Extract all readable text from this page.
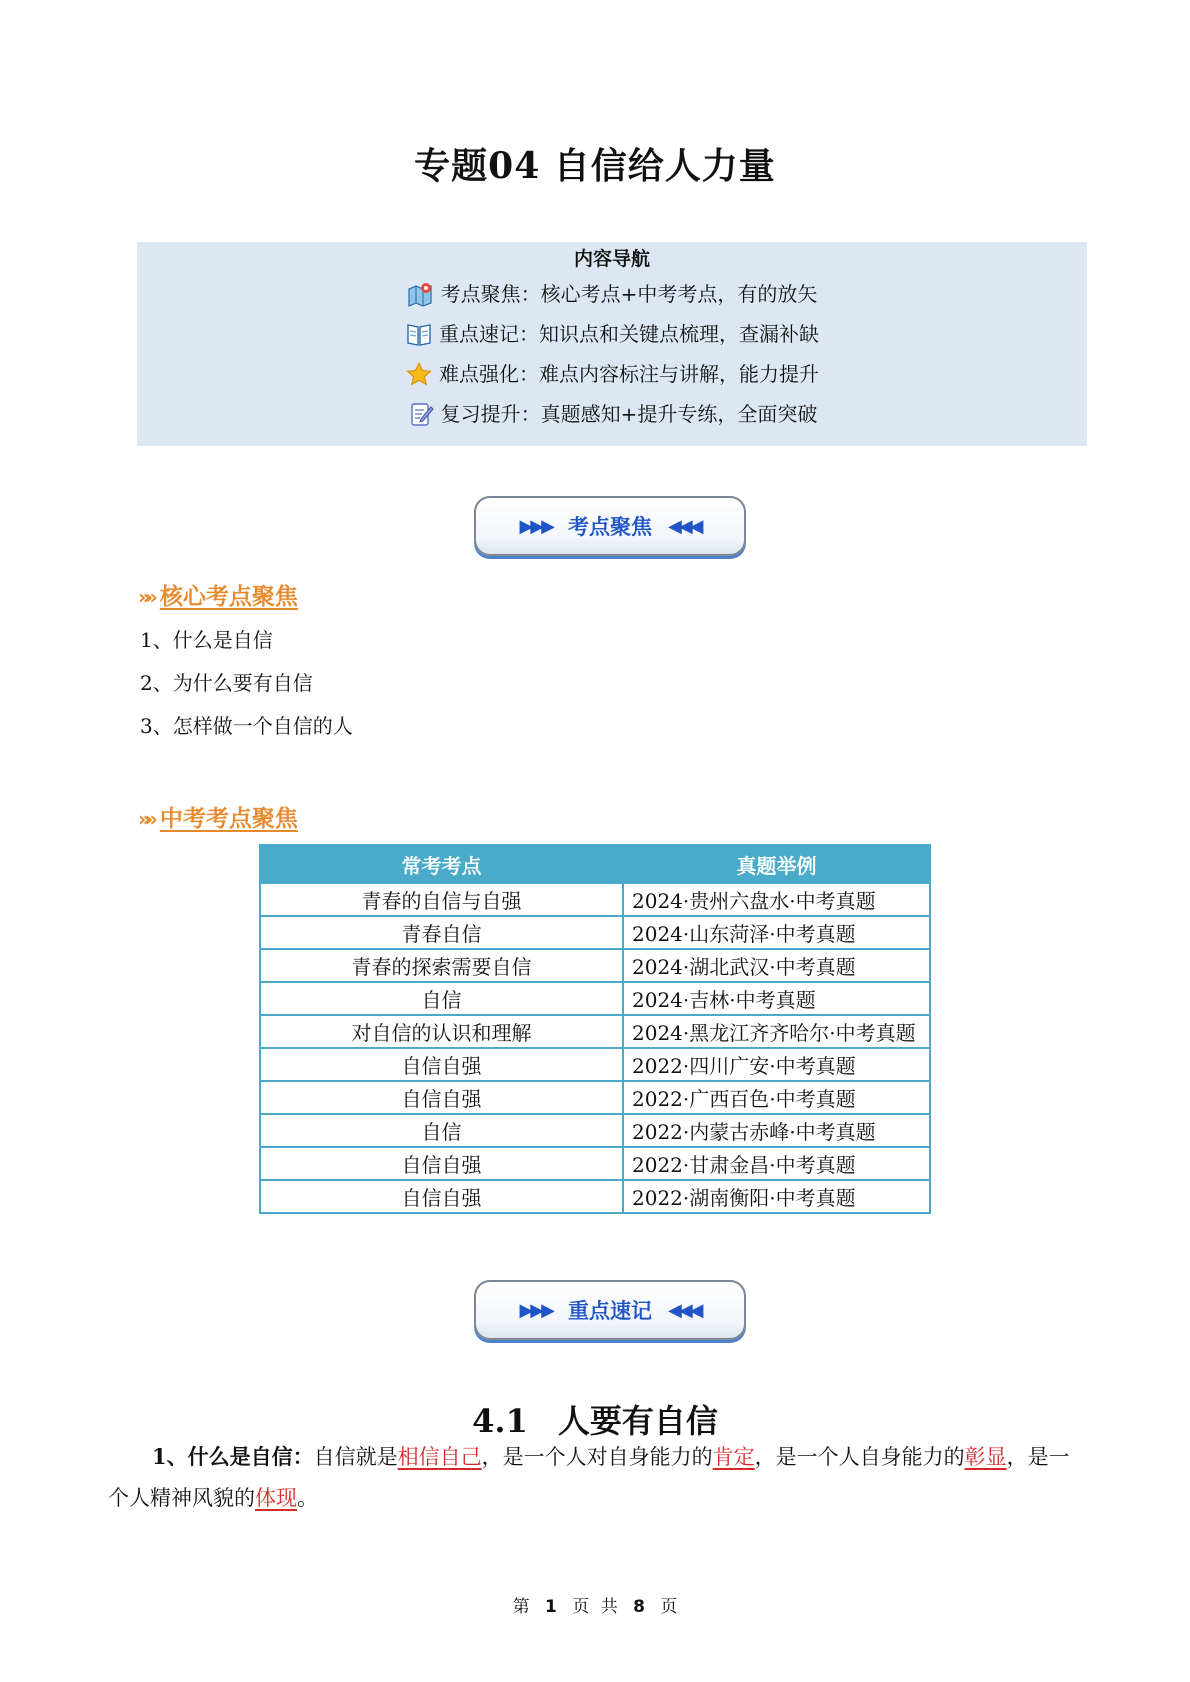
专题04 自信给人力量
内容导航
考点聚焦：核心考点+中考考点，有的放矢
重点速记：知识点和关键点梳理，查漏补缺
难点强化：难点内容标注与讲解，能力提升
复习提升：真题感知+提升专练，全面突破
▶▶▶ 考点聚焦 ◀◀◀
»» 核心考点聚焦
1、什么是自信
2、为什么要有自信
3、怎样做一个自信的人
»» 中考考点聚焦
常考考点	真题举例
青春的自信与自强	2024·贵州六盘水·中考真题
青春自信	2024·山东菏泽·中考真题
青春的探索需要自信	2024·湖北武汉·中考真题
自信	2024·吉林·中考真题
对自信的认识和理解	2024·黑龙江齐齐哈尔·中考真题
自信自强	2022·四川广安·中考真题
自信自强	2022·广西百色·中考真题
自信	2022·内蒙古赤峰·中考真题
自信自强	2022·甘肃金昌·中考真题
自信自强	2022·湖南衡阳·中考真题
▶▶▶ 重点速记 ◀◀◀
4.1 人要有自信
1、什么是自信：自信就是相信自己，是一个人对自身能力的肯定，是一个人自身能力的彰显，是一个人精神风貌的体现。
第 1 页 共 8 页
